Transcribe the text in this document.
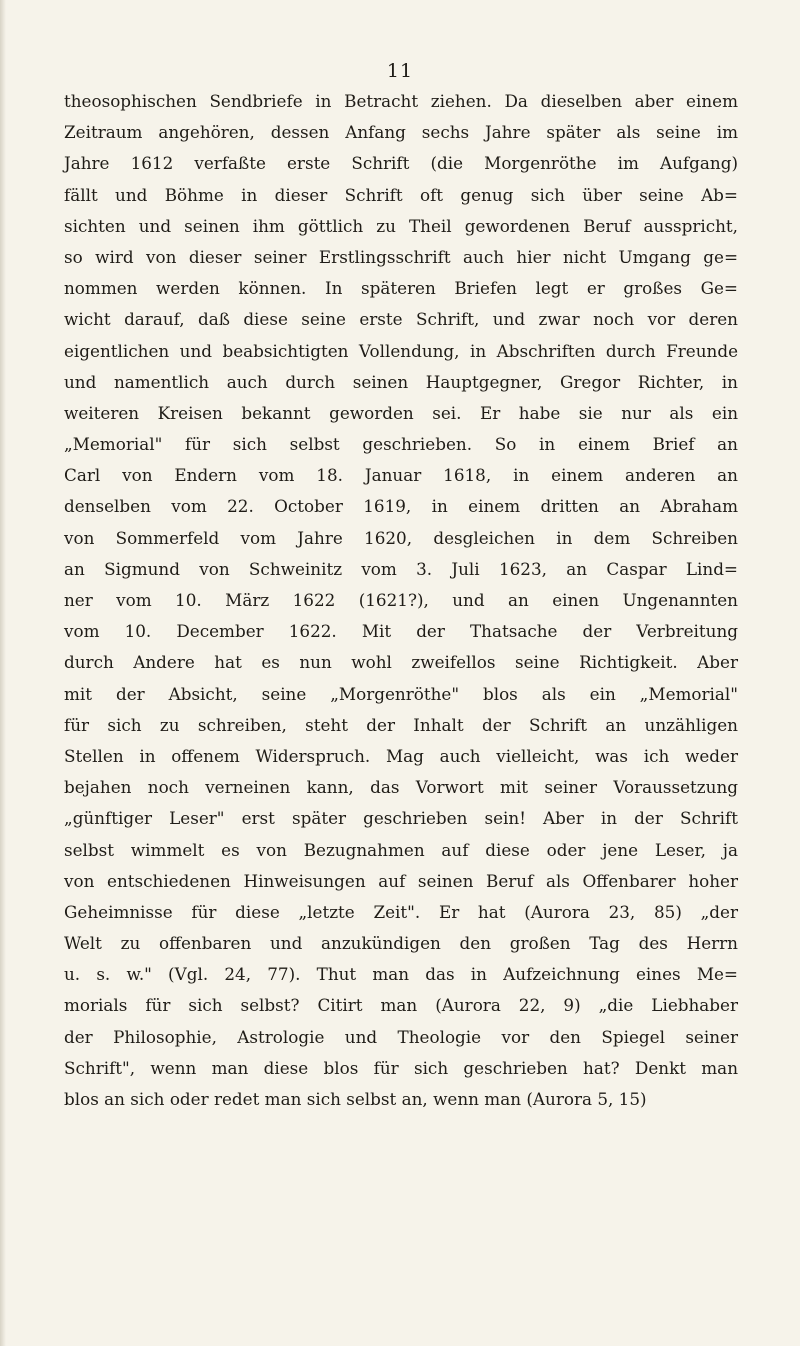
11
theosophischen Sendbriefe in Betracht ziehen. Da dieselben aber einem
Zeitraum angehören, dessen Anfang sechs Jahre später als seine im
Jahre 1612 verfaßte erste Schrift (die Morgenröthe im Aufgang)
fällt und Böhme in dieser Schrift oft genug sich über seine Ab=
sichten und seinen ihm göttlich zu Theil gewordenen Beruf ausspricht,
so wird von dieser seiner Erstlingsschrift auch hier nicht Umgang ge=
nommen werden können. In späteren Briefen legt er großes Ge=
wicht darauf, daß diese seine erste Schrift, und zwar noch vor deren
eigentlichen und beabsichtigten Vollendung, in Abschriften durch Freunde
und namentlich auch durch seinen Hauptgegner, Gregor Richter, in
weiteren Kreisen bekannt geworden sei. Er habe sie nur als ein
„Memorial" für sich selbst geschrieben. So in einem Brief an
Carl von Endern vom 18. Januar 1618, in einem anderen an
denselben vom 22. October 1619, in einem dritten an Abraham
von Sommerfeld vom Jahre 1620, desgleichen in dem Schreiben
an Sigmund von Schweinitz vom 3. Juli 1623, an Caspar Lind=
ner vom 10. März 1622 (1621?), und an einen Ungenannten
vom 10. December 1622. Mit der Thatsache der Verbreitung
durch Andere hat es nun wohl zweifellos seine Richtigkeit. Aber
mit der Absicht, seine „Morgenröthe" blos als ein „Memorial"
für sich zu schreiben, steht der Inhalt der Schrift an unzähligen
Stellen in offenem Widerspruch. Mag auch vielleicht, was ich weder
bejahen noch verneinen kann, das Vorwort mit seiner Voraussetzung
„günftiger Leser" erst später geschrieben sein! Aber in der Schrift
selbst wimmelt es von Bezugnahmen auf diese oder jene Leser, ja
von entschiedenen Hinweisungen auf seinen Beruf als Offenbarer hoher
Geheimnisse für diese „letzte Zeit". Er hat (Aurora 23, 85) „der
Welt zu offenbaren und anzukündigen den großen Tag des Herrn
u. s. w." (Vgl. 24, 77). Thut man das in Aufzeichnung eines Me=
morials für sich selbst? Citirt man (Aurora 22, 9) „die Liebhaber
der Philosophie, Astrologie und Theologie vor den Spiegel seiner
Schrift", wenn man diese blos für sich geschrieben hat? Denkt man
blos an sich oder redet man sich selbst an, wenn man (Aurora 5, 15)
